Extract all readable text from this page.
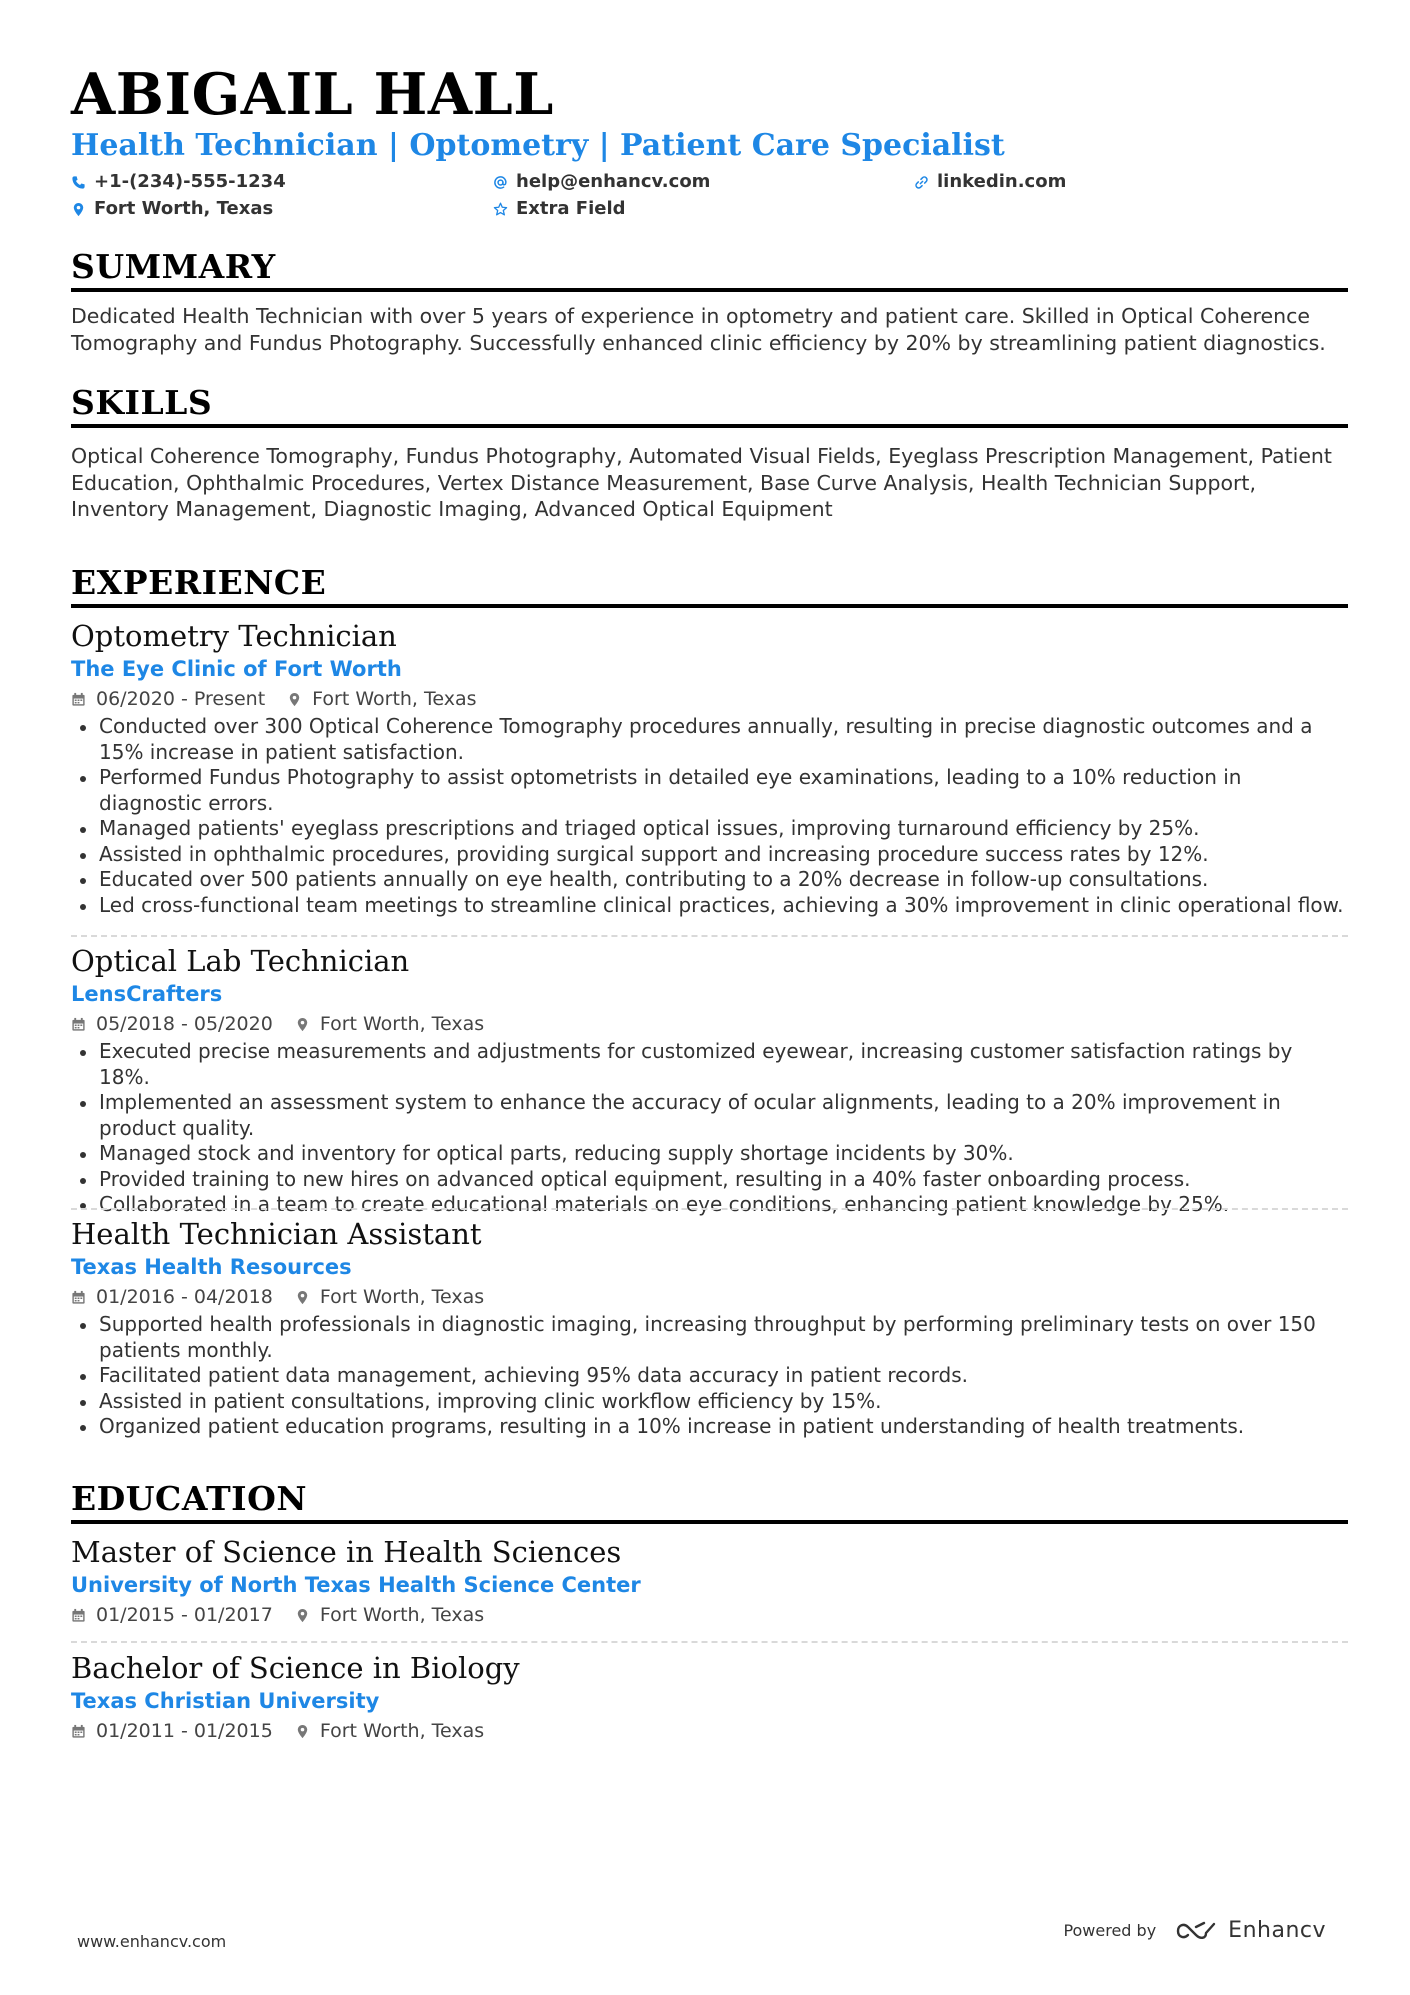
ABIGAIL HALL
Health Technician | Optometry | Patient Care Specialist
+1-(234)-555-1234	help@enhancv.com	linkedin.com
Fort Worth, Texas	Extra Field
SUMMARY

Dedicated Health Technician with over 5 years of experience in optometry and patient care. Skilled in Optical Coherence Tomography and Fundus Photography. Successfully enhanced clinic efficiency by 20% by streamlining patient diagnostics.

SKILLS

Optical Coherence Tomography, Fundus Photography, Automated Visual Fields, Eyeglass Prescription Management, Patient Education, Ophthalmic Procedures, Vertex Distance Measurement, Base Curve Analysis, Health Technician Support, Inventory Management, Diagnostic Imaging, Advanced Optical Equipment

EXPERIENCE
Optometry Technician
The Eye Clinic of Fort Worth
06/2020 - Present Fort Worth, Texas
Conducted over 300 Optical Coherence Tomography procedures annually, resulting in precise diagnostic outcomes and a 15% increase in patient satisfaction.
Performed Fundus Photography to assist optometrists in detailed eye examinations, leading to a 10% reduction in diagnostic errors.
Managed patients' eyeglass prescriptions and triaged optical issues, improving turnaround efficiency by 25%.
Assisted in ophthalmic procedures, providing surgical support and increasing procedure success rates by 12%.
Educated over 500 patients annually on eye health, contributing to a 20% decrease in follow-up consultations.
Led cross-functional team meetings to streamline clinical practices, achieving a 30% improvement in clinic operational flow.
Optical Lab Technician
LensCrafters
05/2018 - 05/2020 Fort Worth, Texas
Executed precise measurements and adjustments for customized eyewear, increasing customer satisfaction ratings by 18%.
Implemented an assessment system to enhance the accuracy of ocular alignments, leading to a 20% improvement in product quality.
Managed stock and inventory for optical parts, reducing supply shortage incidents by 30%.
Provided training to new hires on advanced optical equipment, resulting in a 40% faster onboarding process.
Collaborated in a team to create educational materials on eye conditions, enhancing patient knowledge by 25%.
Health Technician Assistant
Texas Health Resources
01/2016 - 04/2018 Fort Worth, Texas
Supported health professionals in diagnostic imaging, increasing throughput by performing preliminary tests on over 150 patients monthly.
Facilitated patient data management, achieving 95% data accuracy in patient records.
Assisted in patient consultations, improving clinic workflow efficiency by 15%.
Organized patient education programs, resulting in a 10% increase in patient understanding of health treatments.
EDUCATION
Master of Science in Health Sciences
University of North Texas Health Science Center
01/2015 - 01/2017 Fort Worth, Texas
Bachelor of Science in Biology
Texas Christian University
01/2011 - 01/2015 Fort Worth, Texas
www.enhancv.com
Powered by	Enhancv
